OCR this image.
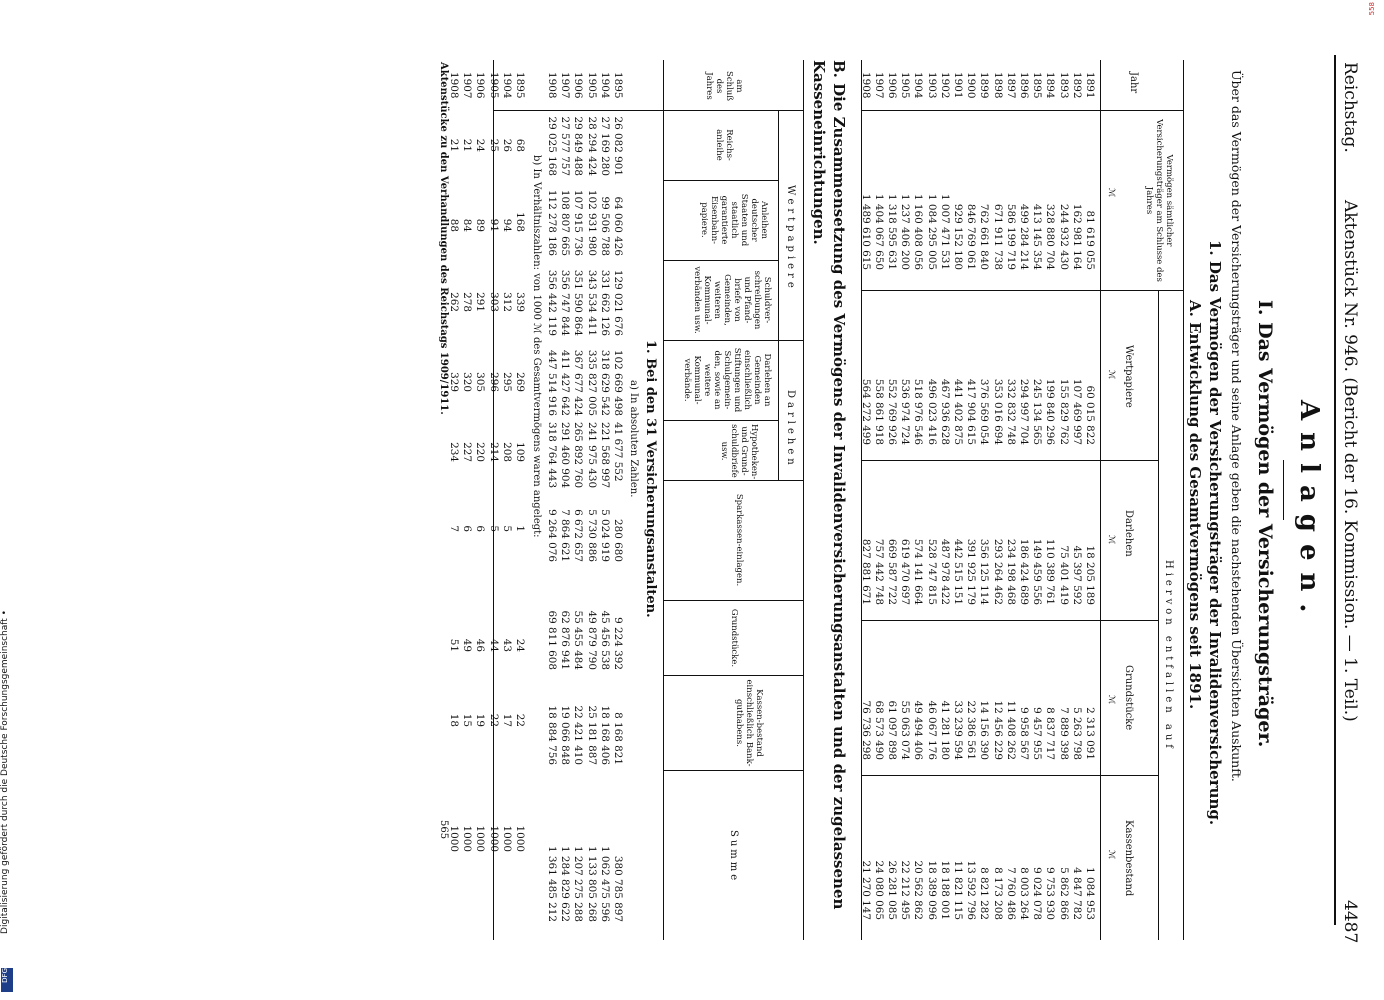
Reichstag.
Aktenstück Nr. 946. (Bericht der 16. Kommission. — 1. Teil.)
4487
Anlagen.
I. Das Vermögen der Versicherungsträger.
Über das Vermögen der Versicherungsträger und seine Anlage geben die nachstehenden Übersichten Auskunft.
1. Das Vermögen der Versicherungsträger der Invalidenversicherung.
A. Entwicklung des Gesamtvermögens seit 1891.
Jahr
Vermögen sämtlicher Versicherungsträger am Schlusse des Jahres
ℳ
Hiervon entfallen auf
Wertpapiere
ℳ
Darlehen
ℳ
Grundstücke
ℳ
Kassenbestand
ℳ
1891
1892
1893
1894
1895
1896
1897
1898
1899
1900
1901
1902
1903
1904
1905
1906
1907
1908
81 619 055
162 981 164
244 932 430
328 880 704
413 145 354
499 284 214
586 199 719
671 911 738
762 661 840
846 769 061
929 152 180
1 007 471 531
1 084 295 005
1 160 408 056
1 237 406 200
1 318 595 631
1 404 067 650
1 489 610 615
60 015 822
107 469 997
155 829 762
199 840 296
245 134 565
294 997 704
332 832 748
353 016 694
376 569 054
417 904 615
441 402 875
467 936 628
496 023 416
518 976 546
536 974 724
552 769 926
558 861 918
564 272 499
18 205 189
45 397 592
75 401 419
110 389 761
149 459 556
186 424 689
234 198 468
293 264 462
356 125 114
391 925 179
442 515 151
487 978 422
528 747 815
574 141 664
619 470 697
669 587 722
757 442 748
827 881 671
2 313 091
5 263 798
7 889 398
8 837 717
9 457 955
9 958 567
11 408 262
12 456 229
14 156 390
22 386 561
33 239 594
41 281 180
46 067 176
49 494 406
55 063 074
61 097 898
68 573 490
76 736 298
1 084 953
4 847 782
5 862 866
9 753 930
9 024 078
8 003 264
7 760 486
8 173 208
8 821 282
13 592 796
11 821 115
18 188 001
18 389 096
20 562 862
22 212 495
26 281 085
24 080 065
21 270 147
B. Die Zusammensetzung des Vermögens der Invalidenversicherungsanstalten und der zugelassenen Kasseneinrichtungen.
am Schluß des Jahres
Wertpapiere
Darlehen
Reichs-anleihe
Anleihen deutscher Staaten und staatlich garantierte Eisenbahn-papiere.
Schuldver-schreibungen und Pfand-briefe von Gemeinden, weiteren Kommunal-verbänden usw.
Darlehen an Gemeinden einschließlich Stiftungen und Schulgemein-den, sowie an weitere Kommunal-verbände.
Hypotheken-und Grund-schuldbriefe usw.
Sparkassen-einlagen.
Grundstücke.
Kassen-bestand einschließlich Bank-guthabens.
Summe
1. Bei den 31 Versicherungsanstalten.
a) In absoluten Zahlen.
1895
1904
1905
1906
1907
1908
26 082 901
27 169 280
28 294 424
29 849 488
27 577 757
29 025 168
64 060 426
99 506 788
102 931 980
107 915 736
108 807 665
112 278 186
129 021 676
331 662 126
343 534 411
351 590 864
356 747 844
356 442 119
102 669 498
318 629 542
335 827 005
367 677 424
411 427 642
447 514 916
41 677 552
221 568 997
241 975 430
265 892 760
291 460 904
318 764 443
280 680
5 024 919
5 730 886
6 672 657
7 864 621
9 264 076
9 224 392
45 456 538
49 879 790
55 455 484
62 876 941
69 811 608
8 168 821
18 168 406
25 181 887
22 421 410
19 066 848
18 884 756
380 785 897
1 062 475 596
1 133 805 268
1 207 275 288
1 284 829 622
1 361 485 212
b) In Verhältniszahlen: von 1000 ℳ des Gesamtvermögens waren angelegt:
1895
1904
1905
1906
1907
1908
68
26
25
24
21
21
168
94
91
89
84
88
339
312
303
291
278
262
269
295
296
305
320
329
109
208
214
220
227
234
1
5
5
6
6
7
24
43
44
46
49
51
22
17
22
19
15
18
1000
1000
1000
1000
1000
1000
Aktenstücke zu den Verhandlungen des Reichstags 1909/1911.
565
Digitalisierung gefördert durch die Deutsche Forschungsgemeinschaft •
DFG
558
